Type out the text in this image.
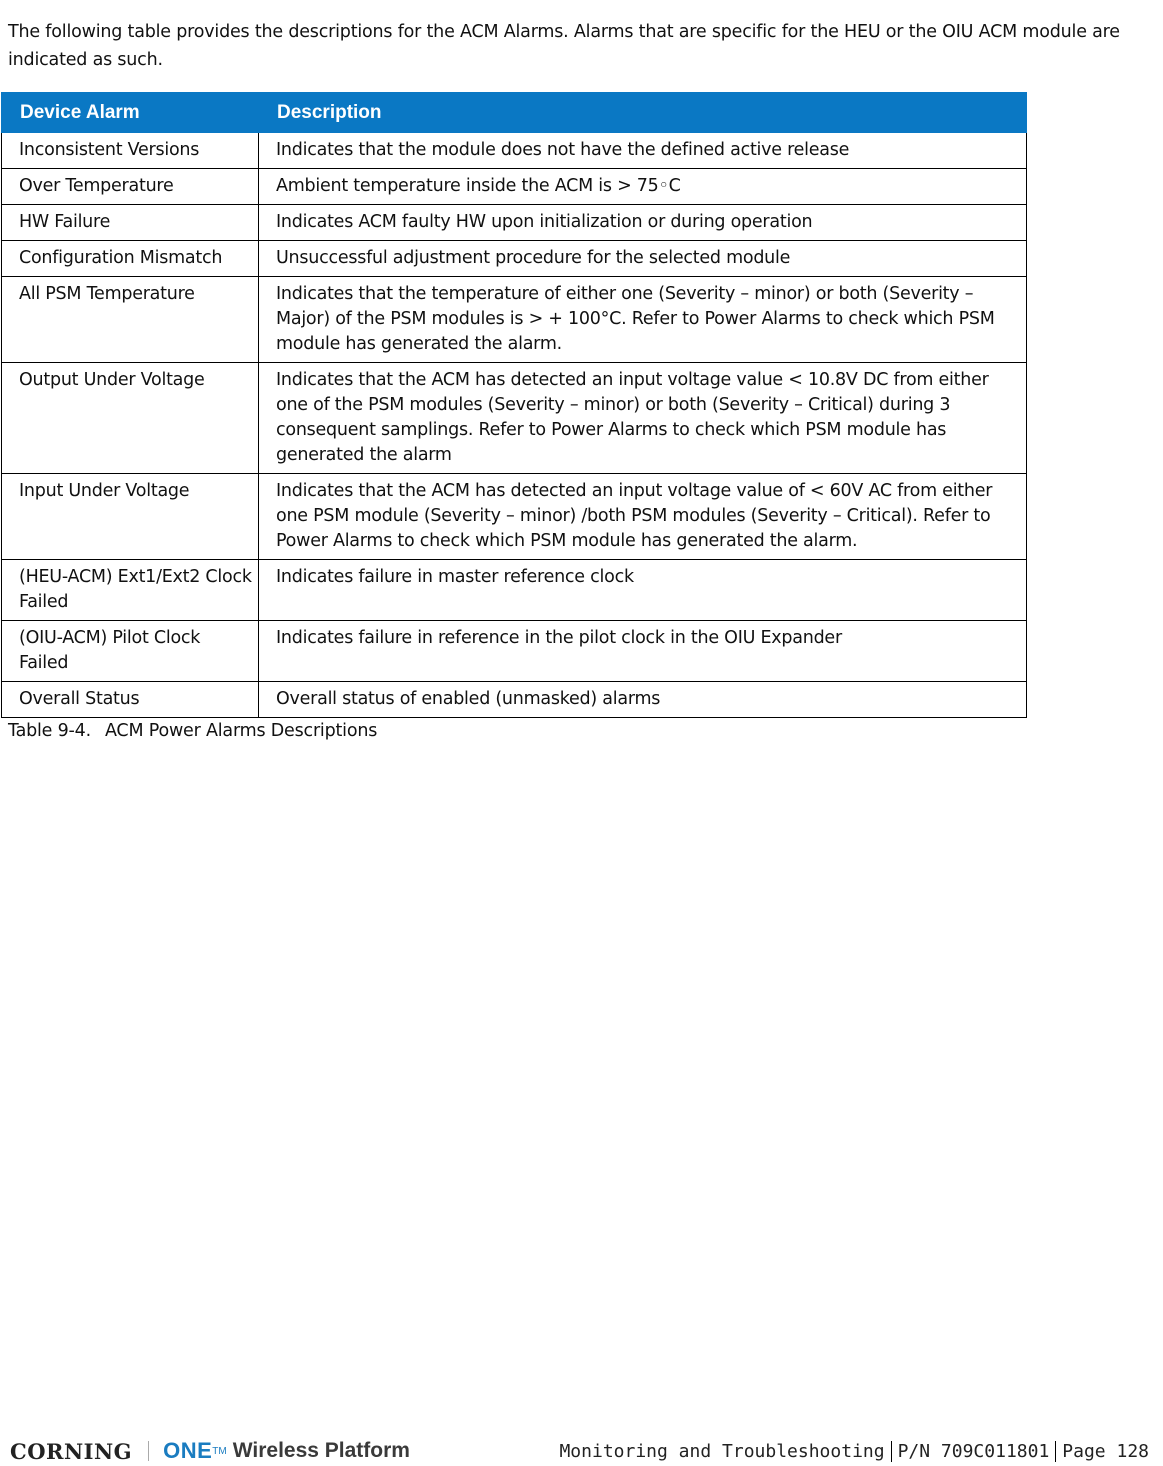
The following table provides the descriptions for the ACM Alarms. Alarms that are specific for the HEU or the OIU ACM module are indicated as such.

Device Alarm	Description
Inconsistent Versions	Indicates that the module does not have the defined active release
Over Temperature	Ambient temperature inside the ACM is > 75◦C
HW Failure	Indicates ACM faulty HW upon initialization or during operation
Configuration Mismatch	Unsuccessful adjustment procedure for the selected module
All PSM Temperature	Indicates that the temperature of either one (Severity – minor) or both (Severity – Major) of the PSM modules is > + 100°C. Refer to Power Alarms to check which PSM module has generated the alarm.
Output Under Voltage	Indicates that the ACM has detected an input voltage value < 10.8V DC from either one of the PSM modules (Severity – minor) or both (Severity – Critical) during 3 consequent samplings. Refer to Power Alarms to check which PSM module has generated the alarm
Input Under Voltage	Indicates that the ACM has detected an input voltage value of < 60V AC from either one PSM module (Severity – minor) /both PSM modules (Severity – Critical). Refer to Power Alarms to check which PSM module has generated the alarm.
(HEU-ACM) Ext1/Ext2 Clock Failed	Indicates failure in master reference clock
(OIU-ACM) Pilot Clock Failed	Indicates failure in reference in the pilot clock in the OIU Expander
Overall Status	Overall status of enabled (unmasked) alarms
Table 9-4. ACM Power Alarms Descriptions
CORNING ONE TM Wireless Platform	Monitoring and Troubleshooting P/N 709C011801 Page 128
